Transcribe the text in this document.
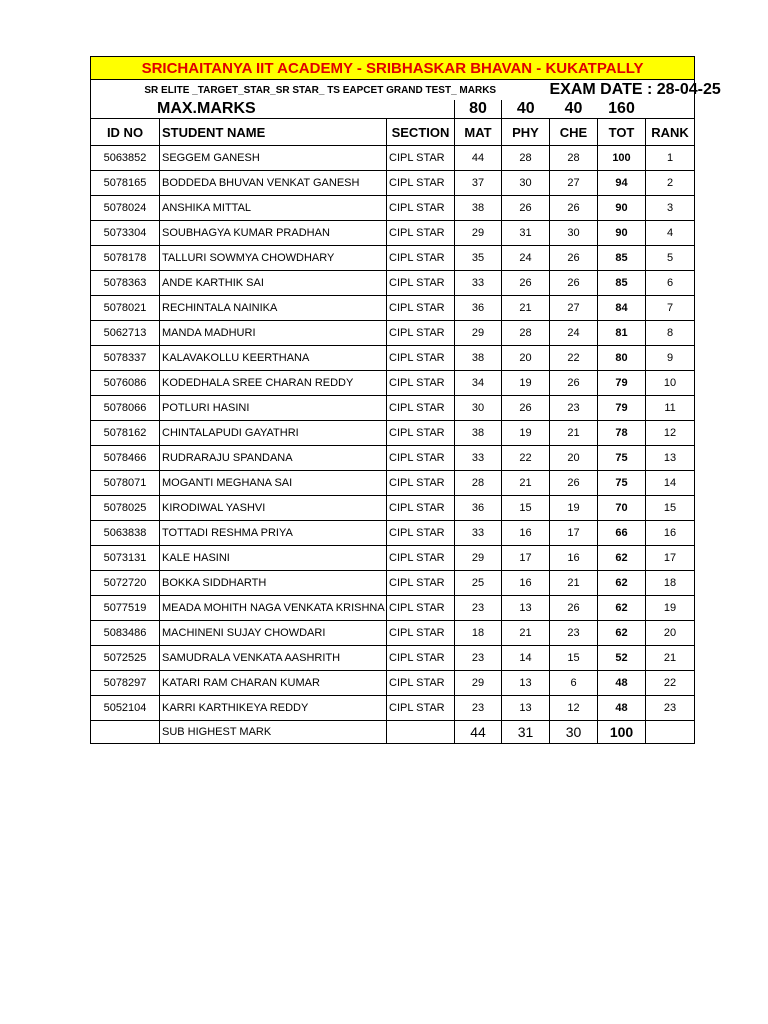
SRICHAITANYA IIT ACADEMY - SRIBHASKAR BHAVAN - KUKATPALLY							
SR ELITE _TARGET_STAR_SR STAR_ TS EAPCET GRAND TEST_ MARKS					EXAM DATE : 28-04-25		
MAX.MARKS			80	40	40	160	
ID NO	STUDENT NAME	SECTION	MAT	PHY	CHE	TOT	RANK
5063852	SEGGEM GANESH	CIPL STAR	44	28	28	100	1
5078165	BODDEDA BHUVAN VENKAT GANESH	CIPL STAR	37	30	27	94	2
5078024	ANSHIKA MITTAL	CIPL STAR	38	26	26	90	3
5073304	SOUBHAGYA KUMAR PRADHAN	CIPL STAR	29	31	30	90	4
5078178	TALLURI SOWMYA CHOWDHARY	CIPL STAR	35	24	26	85	5
5078363	ANDE KARTHIK SAI	CIPL STAR	33	26	26	85	6
5078021	RECHINTALA NAINIKA	CIPL STAR	36	21	27	84	7
5062713	MANDA MADHURI	CIPL STAR	29	28	24	81	8
5078337	KALAVAKOLLU KEERTHANA	CIPL STAR	38	20	22	80	9
5076086	KODEDHALA SREE CHARAN REDDY	CIPL STAR	34	19	26	79	10
5078066	POTLURI HASINI	CIPL STAR	30	26	23	79	11
5078162	CHINTALAPUDI GAYATHRI	CIPL STAR	38	19	21	78	12
5078466	RUDRARAJU SPANDANA	CIPL STAR	33	22	20	75	13
5078071	MOGANTI MEGHANA SAI	CIPL STAR	28	21	26	75	14
5078025	KIRODIWAL YASHVI	CIPL STAR	36	15	19	70	15
5063838	TOTTADI RESHMA PRIYA	CIPL STAR	33	16	17	66	16
5073131	KALE HASINI	CIPL STAR	29	17	16	62	17
5072720	BOKKA SIDDHARTH	CIPL STAR	25	16	21	62	18
5077519	MEADA MOHITH NAGA VENKATA KRISHNA	CIPL STAR	23	13	26	62	19
5083486	MACHINENI SUJAY CHOWDARI	CIPL STAR	18	21	23	62	20
5072525	SAMUDRALA VENKATA AASHRITH	CIPL STAR	23	14	15	52	21
5078297	KATARI RAM CHARAN KUMAR	CIPL STAR	29	13	6	48	22
5052104	KARRI KARTHIKEYA REDDY	CIPL STAR	23	13	12	48	23
	SUB HIGHEST MARK		44	31	30	100	
